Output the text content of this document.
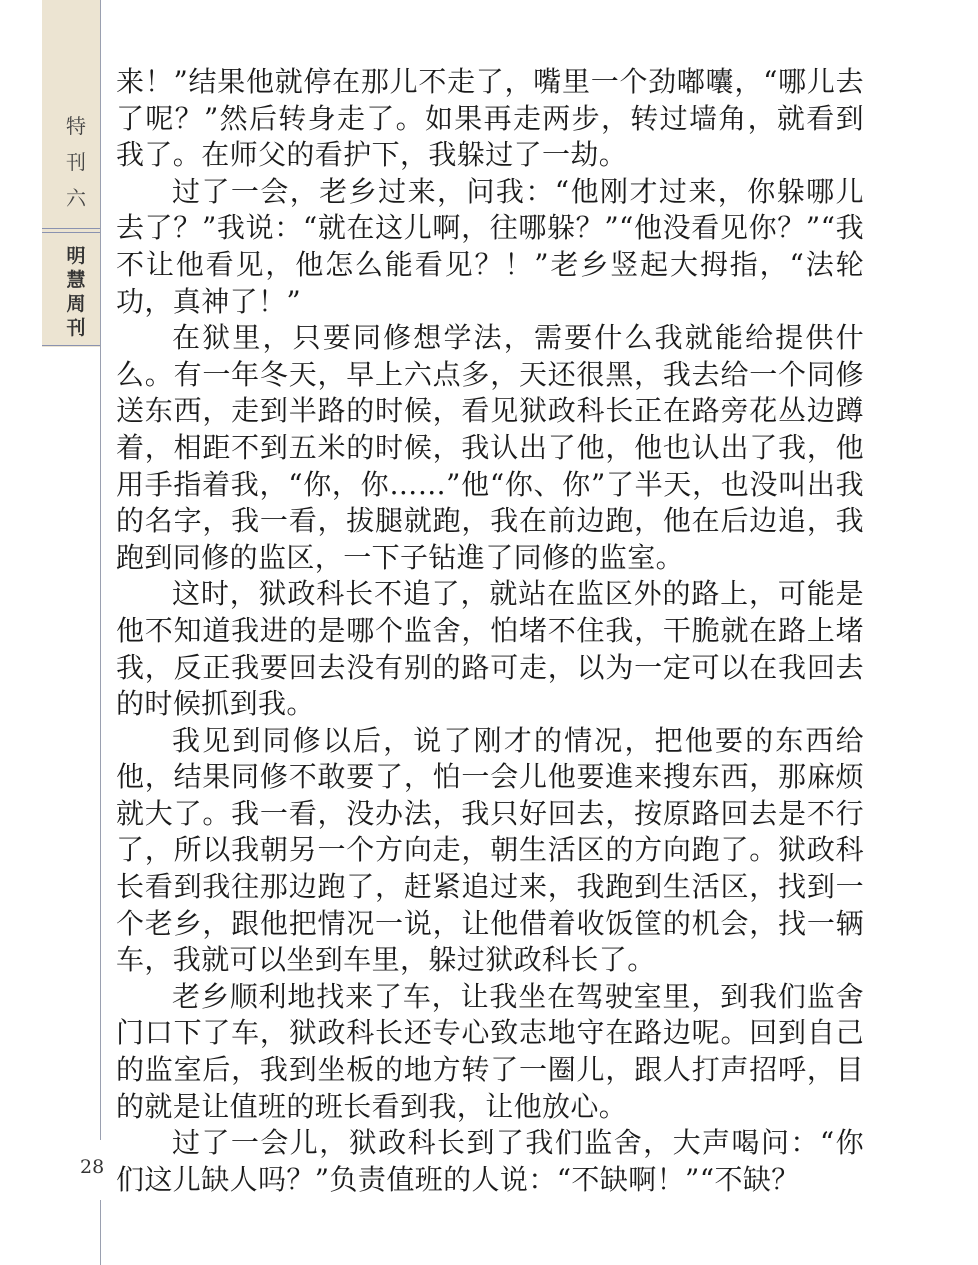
特
刊
六
明
慧
周
刊
28

来！”结果他就停在那儿不走了，嘴里一个劲嘟囔，“哪儿去了呢？”然后转身走了。如果再走两步，转过墙角，就看到我了。在师父的看护下，我躲过了一劫。

过了一会，老乡过来，问我：“他刚才过来，你躲哪儿去了？”我说：“就在这儿啊，往哪躲？”“他没看见你？”“我不让他看见，他怎么能看见？！”老乡竖起大拇指，“法轮功，真神了！”

在狱里，只要同修想学法，需要什么我就能给提供什么。有一年冬天，早上六点多，天还很黑，我去给一个同修送东西，走到半路的时候，看见狱政科长正在路旁花丛边蹲着，相距不到五米的时候，我认出了他，他也认出了我，他用手指着我，“你，你……”他“你、你”了半天，也没叫出我的名字，我一看，拔腿就跑，我在前边跑，他在后边追，我跑到同修的监区，一下子钻進了同修的监室。

这时，狱政科长不追了，就站在监区外的路上，可能是他不知道我进的是哪个监舍，怕堵不住我，干脆就在路上堵我，反正我要回去没有别的路可走，以为一定可以在我回去的时候抓到我。

我见到同修以后，说了刚才的情况，把他要的东西给他，结果同修不敢要了，怕一会儿他要進来搜东西，那麻烦就大了。我一看，没办法，我只好回去，按原路回去是不行了，所以我朝另一个方向走，朝生活区的方向跑了。狱政科长看到我往那边跑了，赶紧追过来，我跑到生活区，找到一个老乡，跟他把情况一说，让他借着收饭筐的机会，找一辆车，我就可以坐到车里，躲过狱政科长了。

老乡顺利地找来了车，让我坐在驾驶室里，到我们监舍门口下了车，狱政科长还专心致志地守在路边呢。回到自己的监室后，我到坐板的地方转了一圈儿，跟人打声招呼，目的就是让值班的班长看到我，让他放心。

过了一会儿，狱政科长到了我们监舍，大声喝问：“你们这儿缺人吗？”负责值班的人说：“不缺啊！”“不缺？
